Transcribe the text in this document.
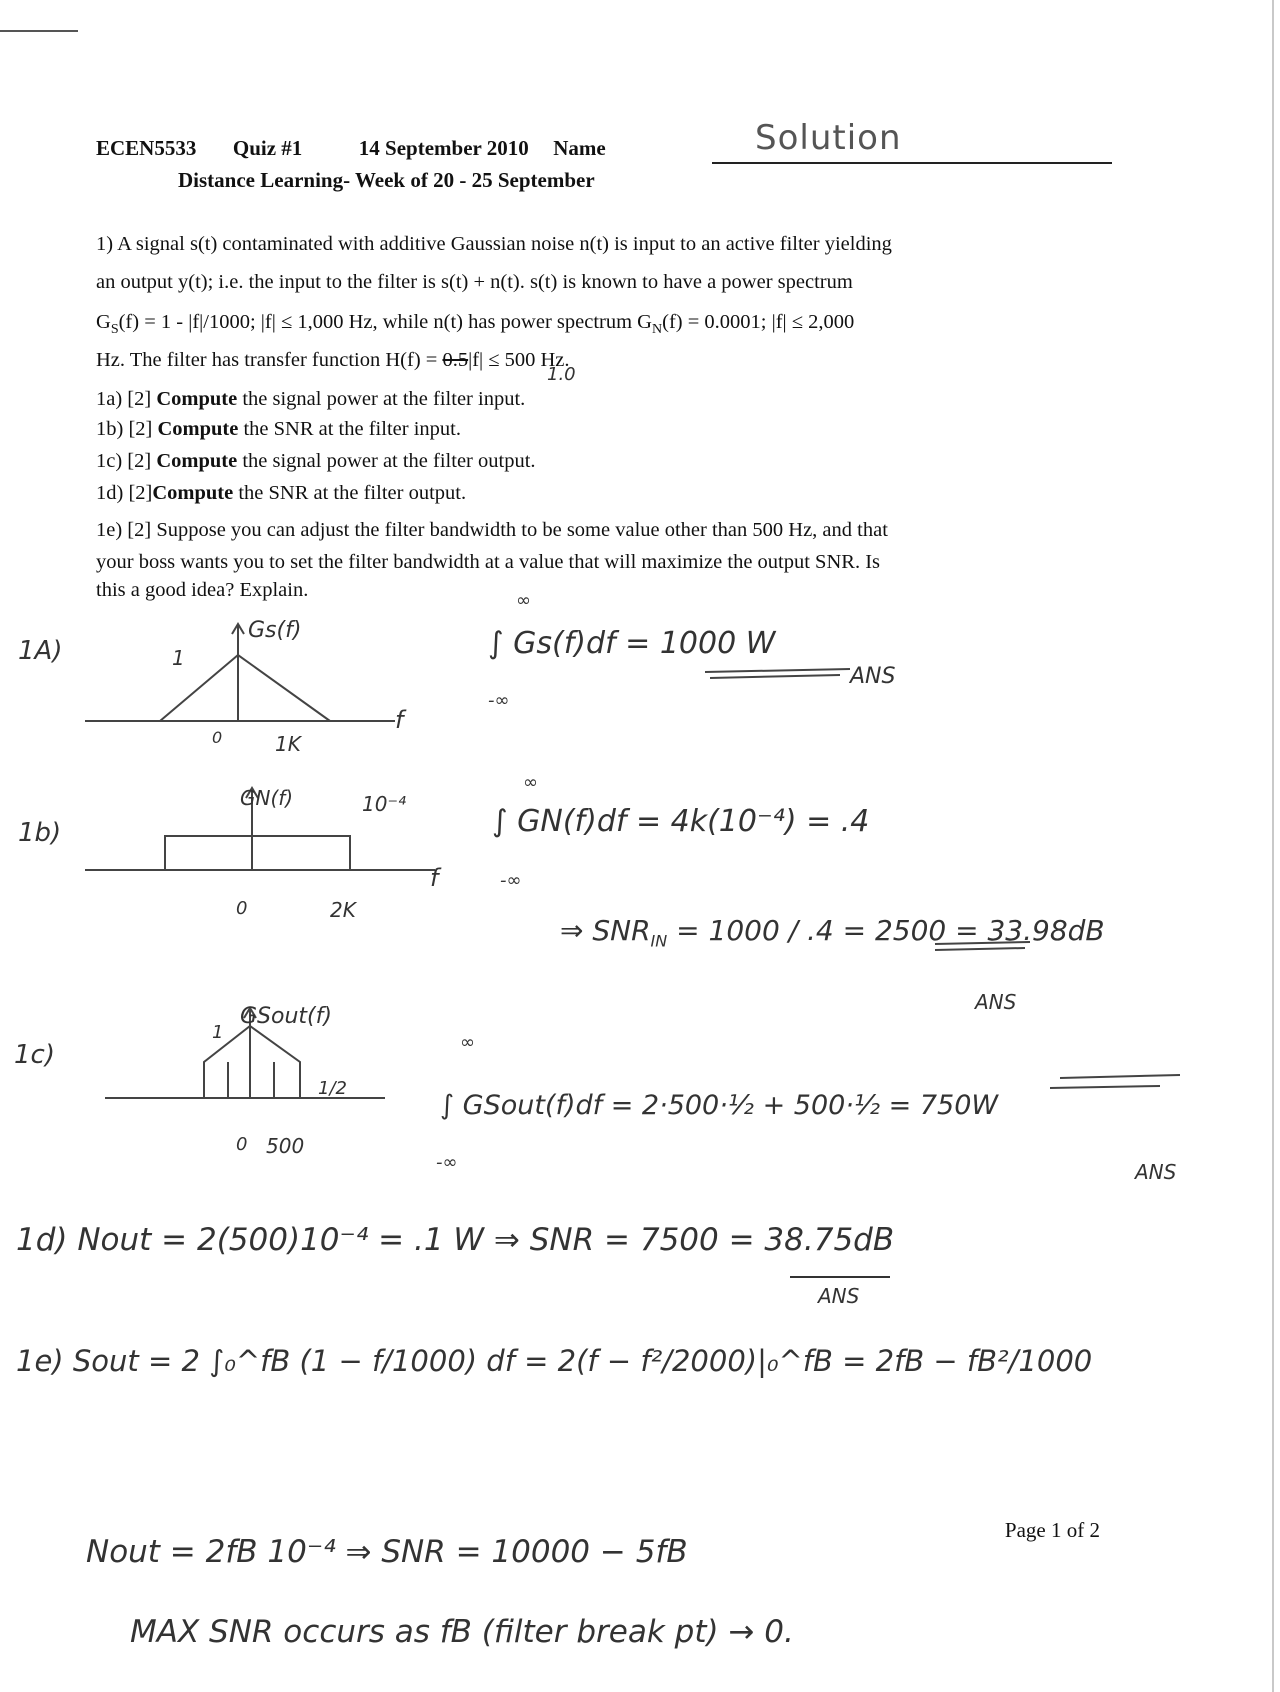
ECEN5533 Quiz #1	14 September 2010 Name	Solution
Distance Learning- Week of 20 - 25 September
1) A signal s(t) contaminated with additive Gaussian noise n(t) is input to an active filter yielding
an output y(t); i.e. the input to the filter is s(t) + n(t). s(t) is known to have a power spectrum
$G_S(f) = 1 - |f|/1000$; |f| ≤ 1,000 Hz, while n(t) has power spectrum $G_N(f) = 0.0001$; |f| ≤ 2,000
Hz. The filter has transfer function H(f) = 0.5|f| ≤ 500 Hz.
1.0
1a) [2] Compute the signal power at the filter input.
1b) [2] Compute the SNR at the filter input.
1c) [2] Compute the signal power at the filter output.
1d) [2]Compute the SNR at the filter output.
1e) [2] Suppose you can adjust the filter bandwidth to be some value other than 500 Hz, and that
your boss wants you to set the filter bandwidth at a value that will maximize the output SNR. Is
this a good idea? Explain.
1A)
Gs(f)
1
0	1K
f
∞
∫ Gs(f)df = 1000 W
-∞
ANS
1b)
GN(f)	10⁻⁴
0	2K
f
∞
∫ GN(f)df = 4k(10⁻⁴) = .4
-∞
⇒ $SNR_{IN} = 1000 / .4 = 2500 = 33.98dB$
ANS
1c)
GSout(f)
1
1/2
0 500
∞
∫ GSout(f)df = 2·500·½ + 500·½ = 750W
-∞	ANS
1d) Nout = 2(500)10⁻⁴ = .1 W ⇒ SNR = 7500 = 38.75dB
ANS
1e) Sout = 2 ∫₀^fB (1 − f/1000) df = 2(f − f²/2000)|₀^fB = 2fB − fB²/1000
Nout = 2fB 10⁻⁴ ⇒ SNR = 10000 − 5fB
MAX SNR occurs as fB (filter break pt) → 0.
Page 1 of 2
